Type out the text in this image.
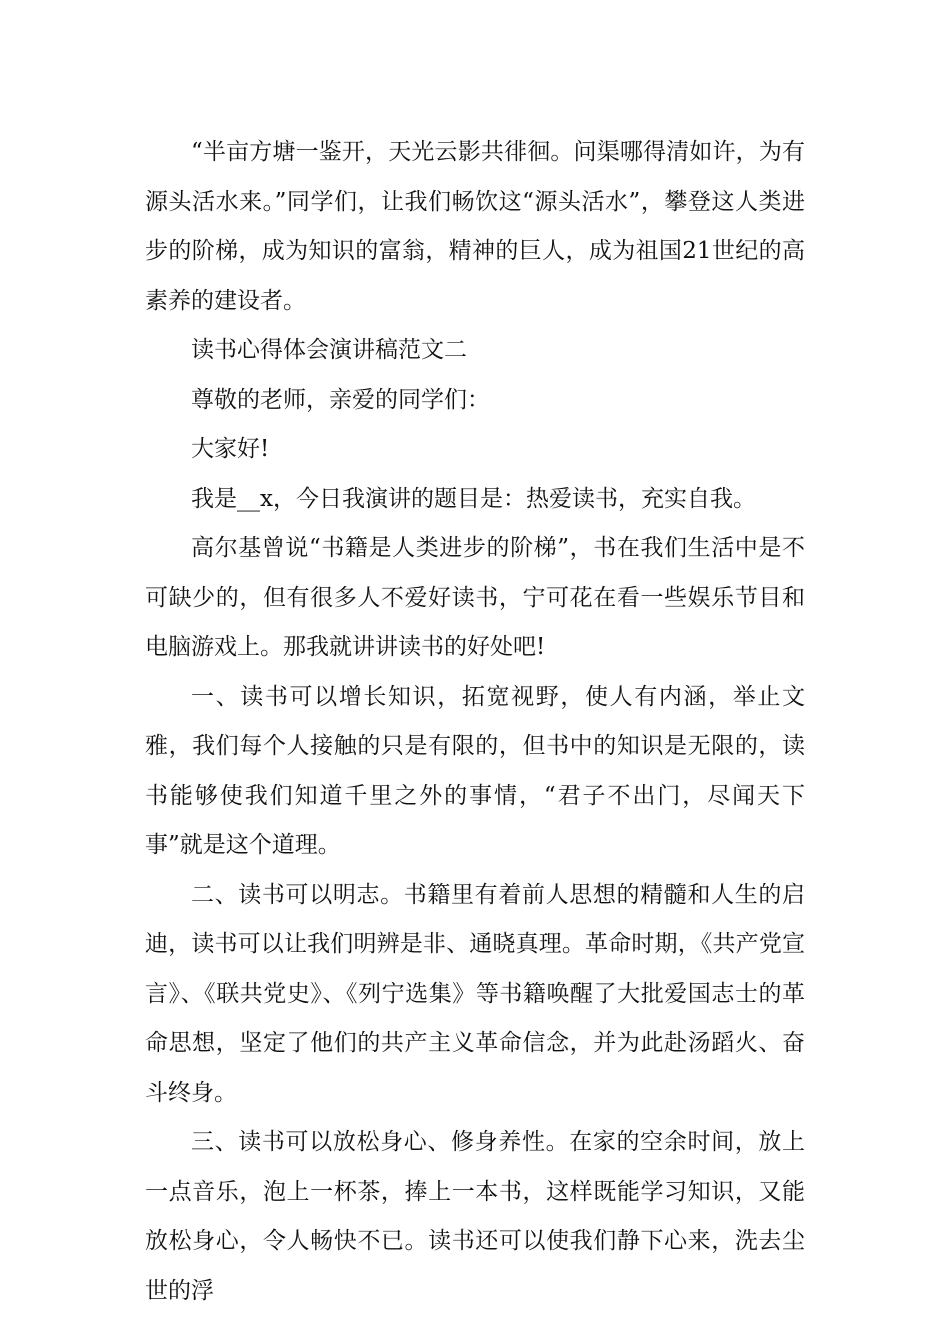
“半亩方塘一鉴开，天光云影共徘徊。问渠哪得清如许，为有源头活水来。”同学们，让我们畅饮这“源头活水”，攀登这人类进步的阶梯，成为知识的富翁，精神的巨人，成为祖国21世纪的高素养的建设者。

读书心得体会演讲稿范文二

尊敬的老师，亲爱的同学们：

大家好!

我是__x，今日我演讲的题目是：热爱读书，充实自我。

高尔基曾说“书籍是人类进步的阶梯”，书在我们生活中是不可缺少的，但有很多人不爱好读书，宁可花在看一些娱乐节目和电脑游戏上。那我就讲讲读书的好处吧!

一、读书可以增长知识，拓宽视野，使人有内涵，举止文雅，我们每个人接触的只是有限的，但书中的知识是无限的，读书能够使我们知道千里之外的事情，“君子不出门，尽闻天下事”就是这个道理。

二、读书可以明志。书籍里有着前人思想的精髓和人生的启迪，读书可以让我们明辨是非、通晓真理。革命时期，《共产党宣言》、《联共党史》、《列宁选集》等书籍唤醒了大批爱国志士的革命思想，坚定了他们的共产主义革命信念，并为此赴汤蹈火、奋斗终身。

三、读书可以放松身心、修身养性。在家的空余时间，放上一点音乐，泡上一杯茶，捧上一本书，这样既能学习知识，又能放松身心，令人畅快不已。读书还可以使我们静下心来，洗去尘世的浮
